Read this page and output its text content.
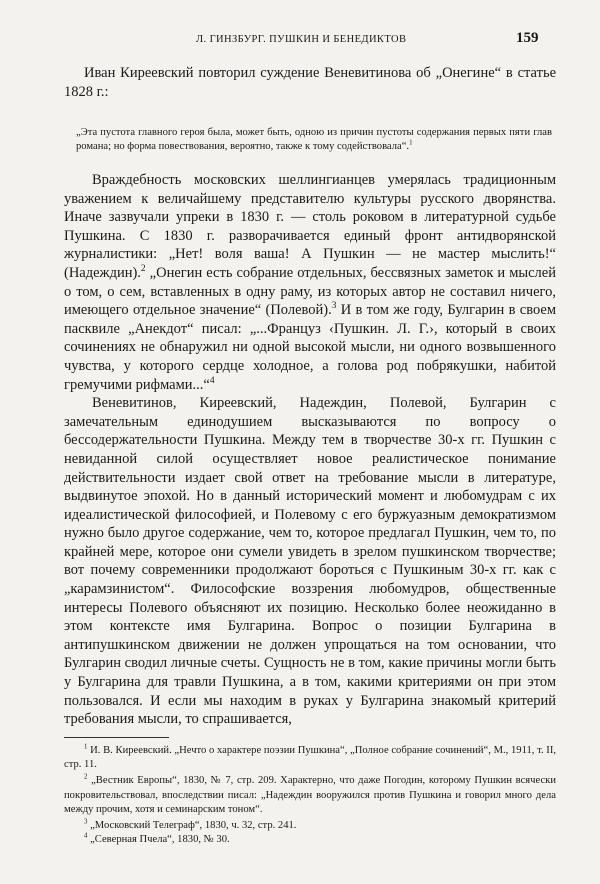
Л. ГИНЗБУРГ. ПУШКИН И БЕНЕДИКТОВ	159
Иван Киреевский повторил суждение Веневитинова об „Онегине“ в статье 1828 г.:
„Эта пустота главного героя была, может быть, одною из причин пустоты содержания первых пяти глав романа; но форма повествования, вероятно, также к тому содействовала“.$^1$

Враждебность московских шеллингианцев умерялась традиционным уважением к величайшему представителю культуры русского дворянства. Иначе зазвучали упреки в 1830 г. — столь роковом в литературной судьбе Пушкина. С 1830 г. разворачивается единый фронт антидворянской журналистики: „Нет! воля ваша! А Пушкин — не мастер мыслить!“ (Надеждин).$^2$ „Онегин есть собрание отдельных, бессвязных заметок и мыслей о том, о сем, вставленных в одну раму, из которых автор не составил ничего, имеющего отдельное значение“ (Полевой).$^3$ И в том же году, Булгарин в своем пасквиле „Анекдот“ писал: „...Француз ‹Пушкин. Л. Г.›, который в своих сочинениях не обнаружил ни одной высокой мысли, ни одного возвышенного чувства, у которого сердце холодное, а голова род побрякушки, набитой гремучими рифмами...“$^4$

Веневитинов, Киреевский, Надеждин, Полевой, Булгарин с замечательным единодушием высказываются по вопросу о бессодержательности Пушкина. Между тем в творчестве 30-х гг. Пушкин с невиданной силой осуществляет новое реалистическое понимание действительности издает свой ответ на требование мысли в литературе, выдвинутое эпохой. Но в данный исторический момент и любомудрам с их идеалистической философией, и Полевому с его буржуазным демократизмом нужно было другое содержание, чем то, которое предлагал Пушкин, чем то, по крайней мере, которое они сумели увидеть в зрелом пушкинском творчестве; вот почему современники продолжают бороться с Пушкиным 30-х гг. как с „карамзинистом“. Философские воззрения любомудров, общественные интересы Полевого объясняют их позицию. Несколько более неожиданно в этом контексте имя Булгарина. Вопрос о позиции Булгарина в антипушкинском движении не должен упрощаться на том основании, что Булгарин сводил личные счеты. Сущность не в том, какие причины могли быть у Булгарина для травли Пушкина, а в том, какими критериями он при этом пользовался. И если мы находим в руках у Булгарина знакомый критерий требования мысли, то спрашивается,

$^1$ И. В. Киреевский. „Нечто о характере поэзии Пушкина“, „Полное собрание сочинений“, М., 1911, т. II, стр. 11.

$^2$ „Вестник Европы“, 1830, № 7, стр. 209. Характерно, что даже Погодин, которому Пушкин всячески покровительствовал, впоследствии писал: „Надеждин вооружился против Пушкина и говорил много дела между прочим, хотя и семинарским тоном“.

$^3$ „Московский Телеграф“, 1830, ч. 32, стр. 241.

$^4$ „Северная Пчела“, 1830, № 30.
